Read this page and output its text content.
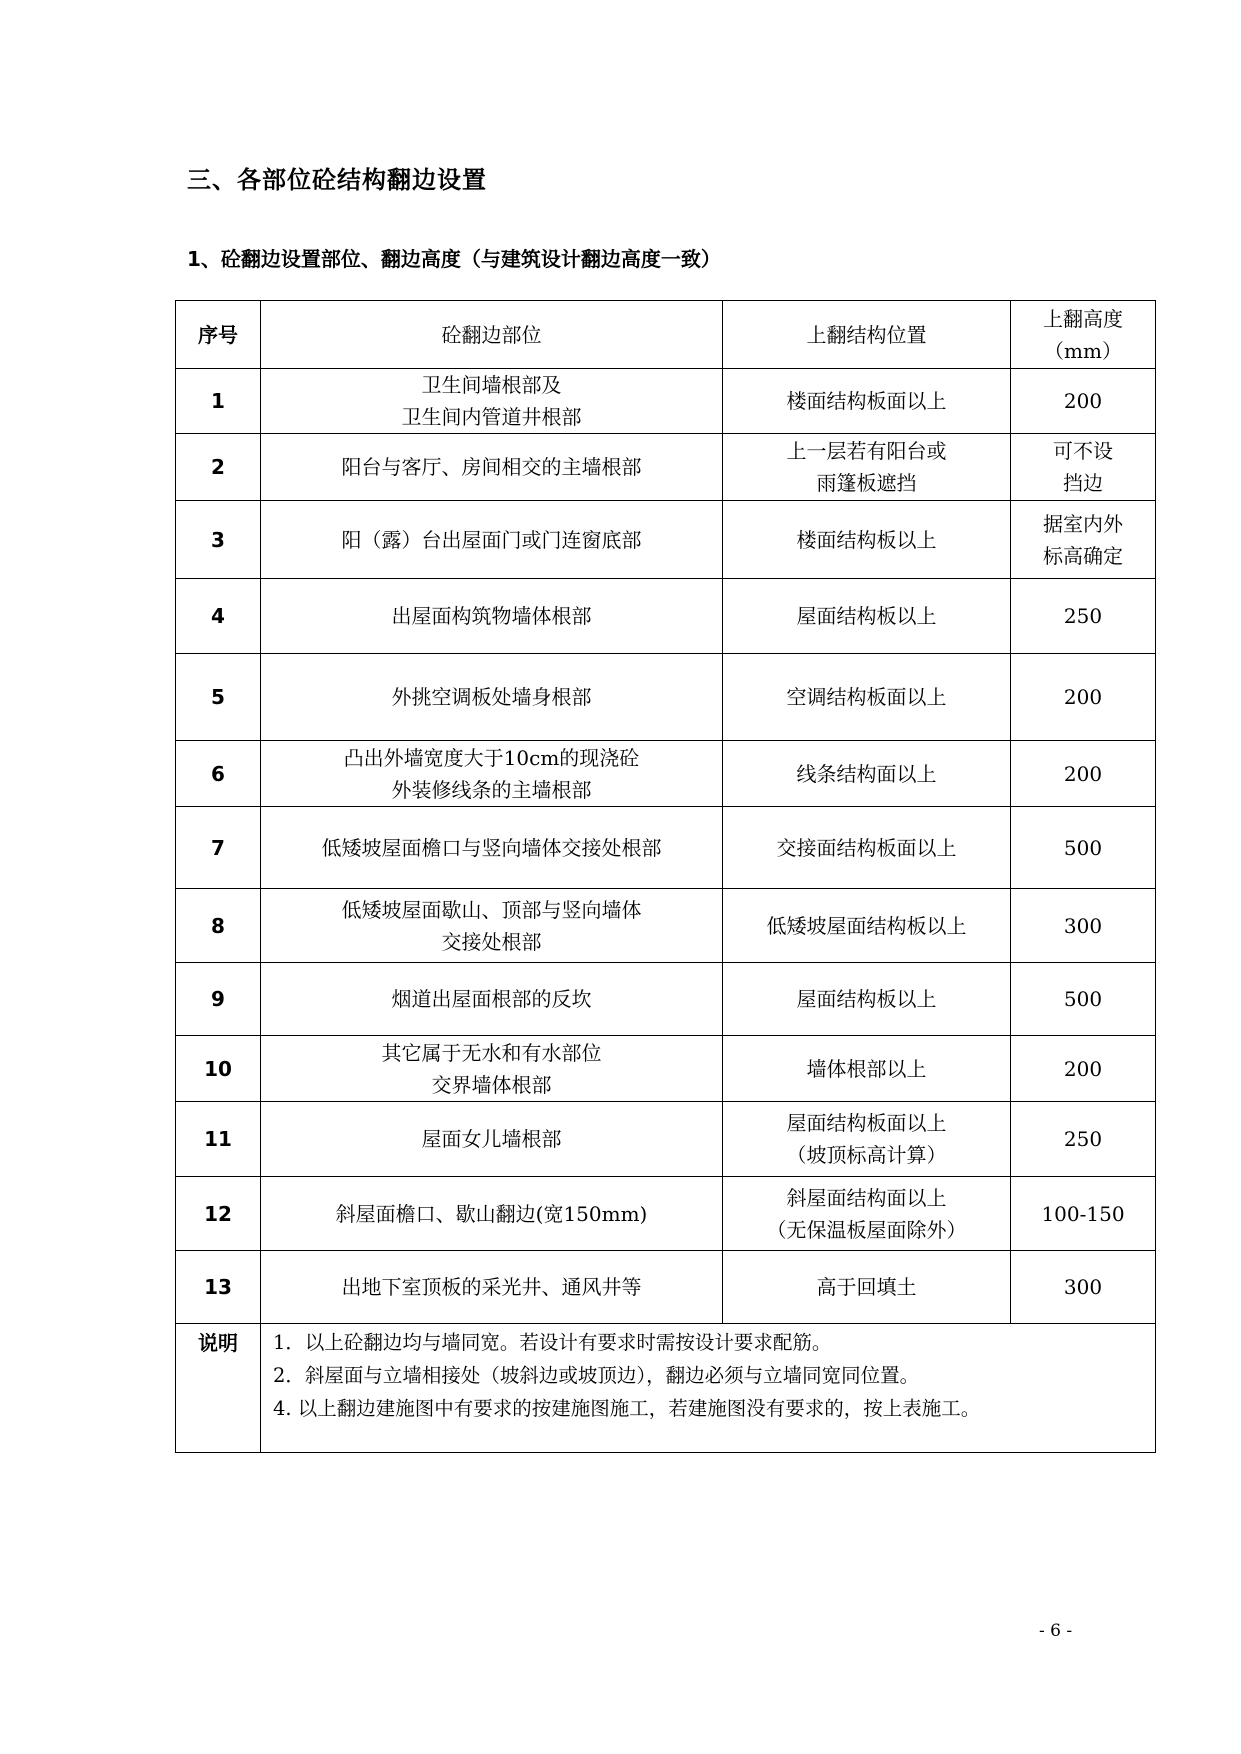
三、各部位砼结构翻边设置
1、砼翻边设置部位、翻边高度（与建筑设计翻边高度一致）
序号	砼翻边部位	上翻结构位置	上翻高度
（mm）
1	卫生间墙根部及
卫生间内管道井根部	楼面结构板面以上	200
2	阳台与客厅、房间相交的主墙根部	上一层若有阳台或
雨篷板遮挡	可不设
挡边
3	阳（露）台出屋面门或门连窗底部	楼面结构板以上	据室内外
标高确定
4	出屋面构筑物墙体根部	屋面结构板以上	250
5	外挑空调板处墙身根部	空调结构板面以上	200
6	凸出外墙宽度大于10cm的现浇砼
外装修线条的主墙根部	线条结构面以上	200
7	低矮坡屋面檐口与竖向墙体交接处根部	交接面结构板面以上	500
8	低矮坡屋面歇山、顶部与竖向墙体
交接处根部	低矮坡屋面结构板以上	300
9	烟道出屋面根部的反坎	屋面结构板以上	500
10	其它属于无水和有水部位
交界墙体根部	墙体根部以上	200
11	屋面女儿墙根部	屋面结构板面以上
（坡顶标高计算）	250
12	斜屋面檐口、歇山翻边(宽150mm)	斜屋面结构面以上
（无保温板屋面除外）	100-150
13	出地下室顶板的采光井、通风井等	高于回填土	300
说明	1．以上砼翻边均与墙同宽。若设计有要求时需按设计要求配筋。
2．斜屋面与立墙相接处（坡斜边或坡顶边），翻边必须与立墙同宽同位置。
4. 以上翻边建施图中有要求的按建施图施工，若建施图没有要求的，按上表施工。		
- 6 -
